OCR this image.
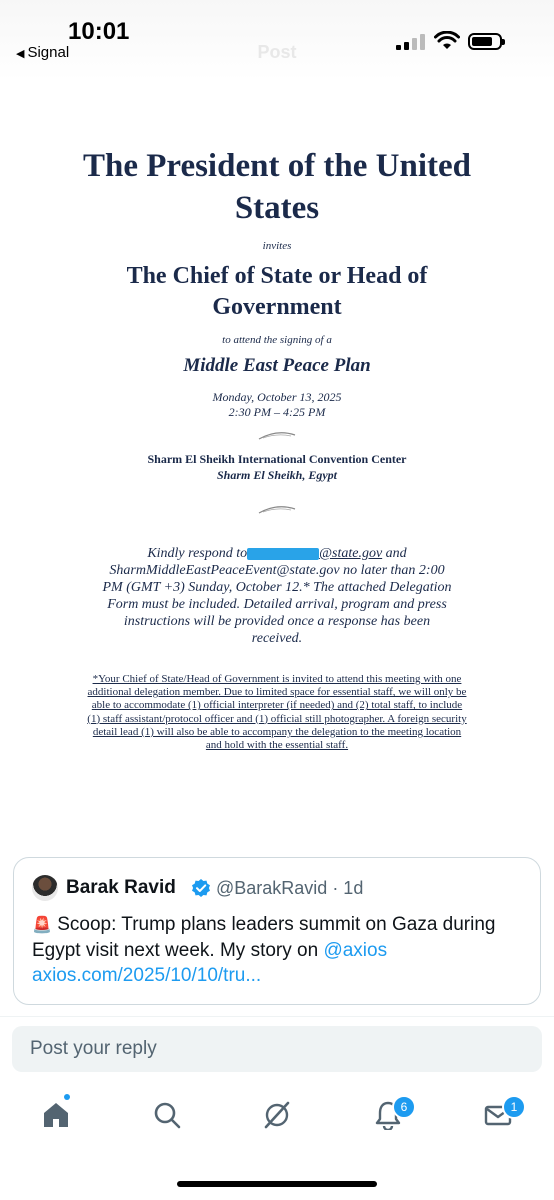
10:01
◀ Signal	Post
The President of the United States
invites
The Chief of State or Head of Government
to attend the signing of a
Middle East Peace Plan
Monday, October 13, 2025
2:30 PM – 4:25 PM
Sharm El Sheikh International Convention Center
Sharm El Sheikh, Egypt
Kindly respond to	@state.gov and SharmMiddleEastPeaceEvent@state.gov no later than 2:00 PM (GMT +3) Sunday, October 12.* The attached Delegation Form must be included. Detailed arrival, program and press instructions will be provided once a response has been received.
*Your Chief of State/Head of Government is invited to attend this meeting with one additional delegation member. Due to limited space for essential staff, we will only be able to accommodate (1) official interpreter (if needed) and (2) total staff, to include (1) staff assistant/protocol officer and (1) official still photographer. A foreign security detail lead (1) will also be able to accompany the delegation to the meeting location and hold with the essential staff.
Barak Ravid @BarakRavid · 1d
🚨 Scoop: Trump plans leaders summit on Gaza during Egypt visit next week. My story on @axios axios.com/2025/10/10/tru...
Post your reply
6	1
